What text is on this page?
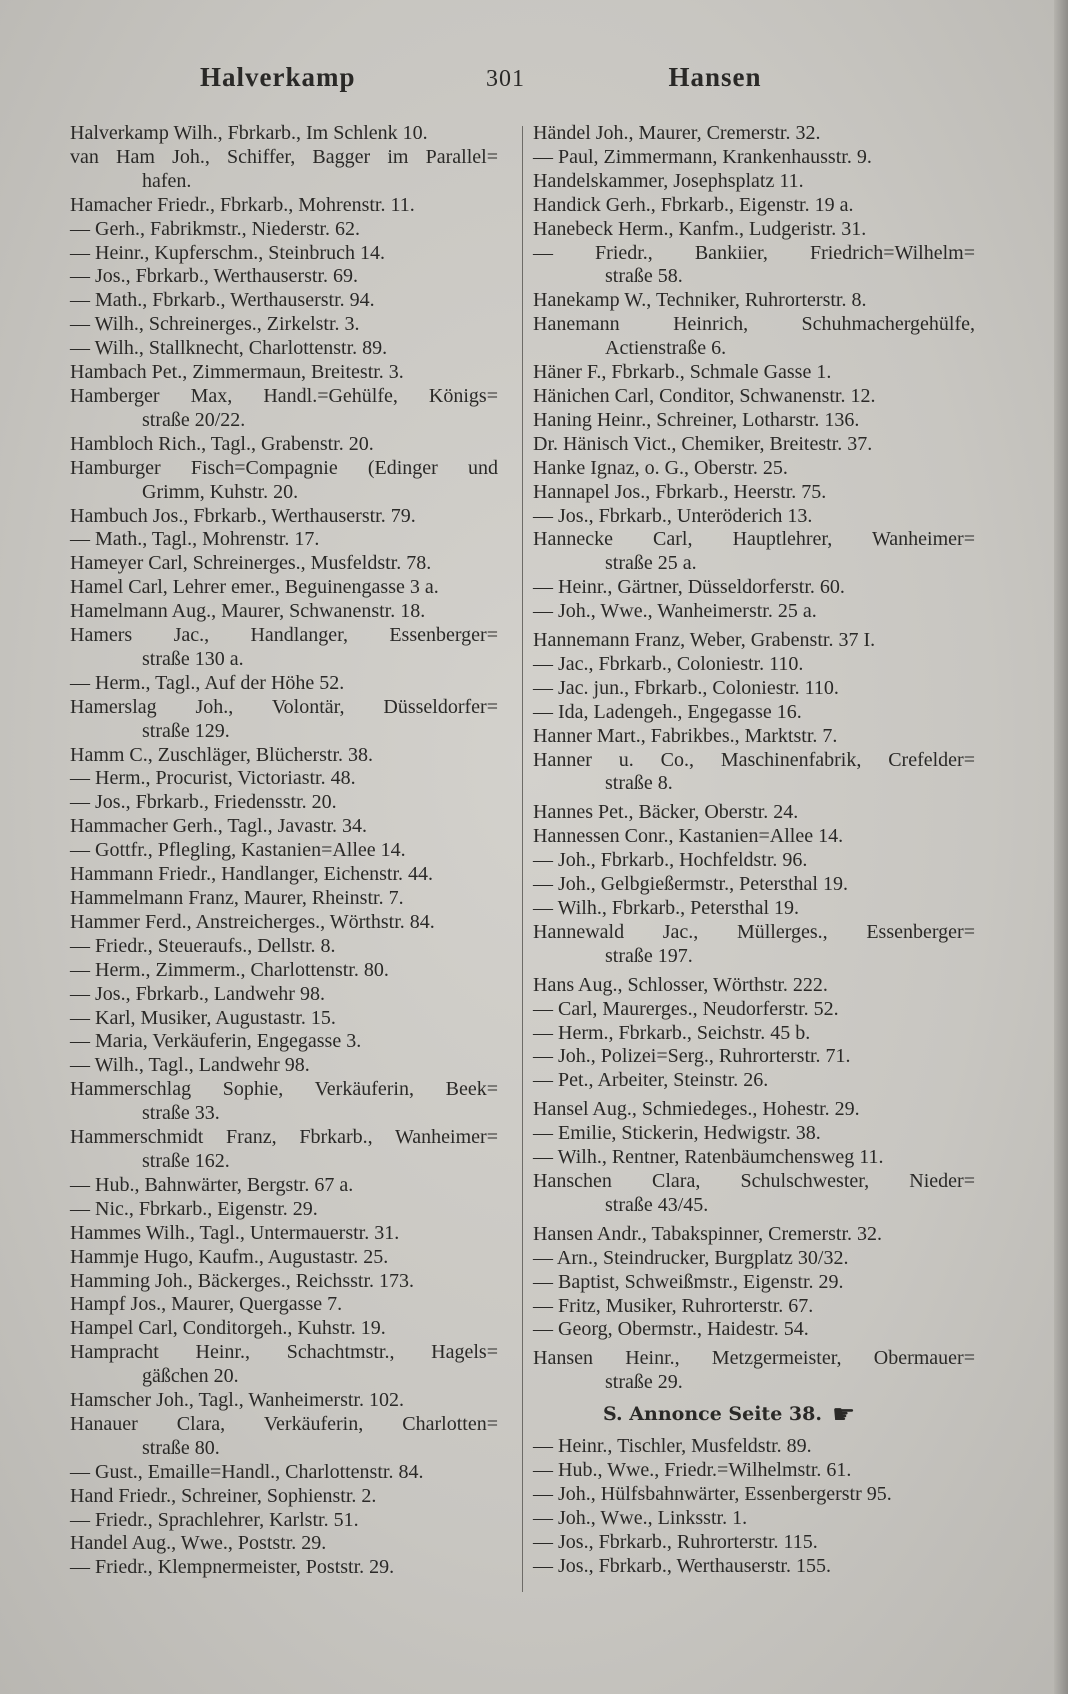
Halverkamp	301	Hansen
Halverkamp Wilh., Fbrkarb., Im Schlenk 10.
van Ham Joh., Schiffer, Bagger im Parallel=
hafen.
Hamacher Friedr., Fbrkarb., Mohrenstr. 11.
— Gerh., Fabrikmstr., Niederstr. 62.
— Heinr., Kupferschm., Steinbruch 14.
— Jos., Fbrkarb., Werthauserstr. 69.
— Math., Fbrkarb., Werthauserstr. 94.
— Wilh., Schreinerges., Zirkelstr. 3.
— Wilh., Stallknecht, Charlottenstr. 89.
Hambach Pet., Zimmermaun, Breitestr. 3.
Hamberger Max, Handl.=Gehülfe, Königs=
straße 20/22.
Hambloch Rich., Tagl., Grabenstr. 20.
Hamburger Fisch=Compagnie (Edinger und
Grimm, Kuhstr. 20.
Hambuch Jos., Fbrkarb., Werthauserstr. 79.
— Math., Tagl., Mohrenstr. 17.
Hameyer Carl, Schreinerges., Musfeldstr. 78.
Hamel Carl, Lehrer emer., Beguinengasse 3 a.
Hamelmann Aug., Maurer, Schwanenstr. 18.
Hamers Jac., Handlanger, Essenberger=
straße 130 a.
— Herm., Tagl., Auf der Höhe 52.
Hamerslag Joh., Volontär, Düsseldorfer=
straße 129.
Hamm C., Zuschläger, Blücherstr. 38.
— Herm., Procurist, Victoriastr. 48.
— Jos., Fbrkarb., Friedensstr. 20.
Hammacher Gerh., Tagl., Javastr. 34.
— Gottfr., Pflegling, Kastanien=Allee 14.
Hammann Friedr., Handlanger, Eichenstr. 44.
Hammelmann Franz, Maurer, Rheinstr. 7.
Hammer Ferd., Anstreicherges., Wörthstr. 84.
— Friedr., Steueraufs., Dellstr. 8.
— Herm., Zimmerm., Charlottenstr. 80.
— Jos., Fbrkarb., Landwehr 98.
— Karl, Musiker, Augustastr. 15.
— Maria, Verkäuferin, Engegasse 3.
— Wilh., Tagl., Landwehr 98.
Hammerschlag Sophie, Verkäuferin, Beek=
straße 33.
Hammerschmidt Franz, Fbrkarb., Wanheimer=
straße 162.
— Hub., Bahnwärter, Bergstr. 67 a.
— Nic., Fbrkarb., Eigenstr. 29.
Hammes Wilh., Tagl., Untermauerstr. 31.
Hammje Hugo, Kaufm., Augustastr. 25.
Hamming Joh., Bäckerges., Reichsstr. 173.
Hampf Jos., Maurer, Quergasse 7.
Hampel Carl, Conditorgeh., Kuhstr. 19.
Hampracht Heinr., Schachtmstr., Hagels=
gäßchen 20.
Hamscher Joh., Tagl., Wanheimerstr. 102.
Hanauer Clara, Verkäuferin, Charlotten=
straße 80.
— Gust., Emaille=Handl., Charlottenstr. 84.
Hand Friedr., Schreiner, Sophienstr. 2.
— Friedr., Sprachlehrer, Karlstr. 51.
Handel Aug., Wwe., Poststr. 29.
— Friedr., Klempnermeister, Poststr. 29.
Händel Joh., Maurer, Cremerstr. 32.
— Paul, Zimmermann, Krankenhausstr. 9.
Handelskammer, Josephsplatz 11.
Handick Gerh., Fbrkarb., Eigenstr. 19 a.
Hanebeck Herm., Kanfm., Ludgeristr. 31.
— Friedr., Bankiier, Friedrich=Wilhelm=
straße 58.
Hanekamp W., Techniker, Ruhrorterstr. 8.
Hanemann Heinrich, Schuhmachergehülfe,
Actienstraße 6.
Häner F., Fbrkarb., Schmale Gasse 1.
Hänichen Carl, Conditor, Schwanenstr. 12.
Haning Heinr., Schreiner, Lotharstr. 136.
Dr. Hänisch Vict., Chemiker, Breitestr. 37.
Hanke Ignaz, o. G., Oberstr. 25.
Hannapel Jos., Fbrkarb., Heerstr. 75.
— Jos., Fbrkarb., Unteröderich 13.
Hannecke Carl, Hauptlehrer, Wanheimer=
straße 25 a.
— Heinr., Gärtner, Düsseldorferstr. 60.
— Joh., Wwe., Wanheimerstr. 25 a.
Hannemann Franz, Weber, Grabenstr. 37 I.
— Jac., Fbrkarb., Coloniestr. 110.
— Jac. jun., Fbrkarb., Coloniestr. 110.
— Ida, Ladengeh., Engegasse 16.
Hanner Mart., Fabrikbes., Marktstr. 7.
Hanner u. Co., Maschinenfabrik, Crefelder=
straße 8.
Hannes Pet., Bäcker, Oberstr. 24.
Hannessen Conr., Kastanien=Allee 14.
— Joh., Fbrkarb., Hochfeldstr. 96.
— Joh., Gelbgießermstr., Petersthal 19.
— Wilh., Fbrkarb., Petersthal 19.
Hannewald Jac., Müllerges., Essenberger=
straße 197.
Hans Aug., Schlosser, Wörthstr. 222.
— Carl, Maurerges., Neudorferstr. 52.
— Herm., Fbrkarb., Seichstr. 45 b.
— Joh., Polizei=Serg., Ruhrorterstr. 71.
— Pet., Arbeiter, Steinstr. 26.
Hansel Aug., Schmiedeges., Hohestr. 29.
— Emilie, Stickerin, Hedwigstr. 38.
— Wilh., Rentner, Ratenbäumchensweg 11.
Hanschen Clara, Schulschwester, Nieder=
straße 43/45.
Hansen Andr., Tabakspinner, Cremerstr. 32.
— Arn., Steindrucker, Burgplatz 30/32.
— Baptist, Schweißmstr., Eigenstr. 29.
— Fritz, Musiker, Ruhrorterstr. 67.
— Georg, Obermstr., Haidestr. 54.
Hansen Heinr., Metzgermeister, Obermauer=
straße 29.
S. Annonce Seite 38. ☛
— Heinr., Tischler, Musfeldstr. 89.
— Hub., Wwe., Friedr.=Wilhelmstr. 61.
— Joh., Hülfsbahnwärter, Essenbergerstr 95.
— Joh., Wwe., Linksstr. 1.
— Jos., Fbrkarb., Ruhrorterstr. 115.
— Jos., Fbrkarb., Werthauserstr. 155.
